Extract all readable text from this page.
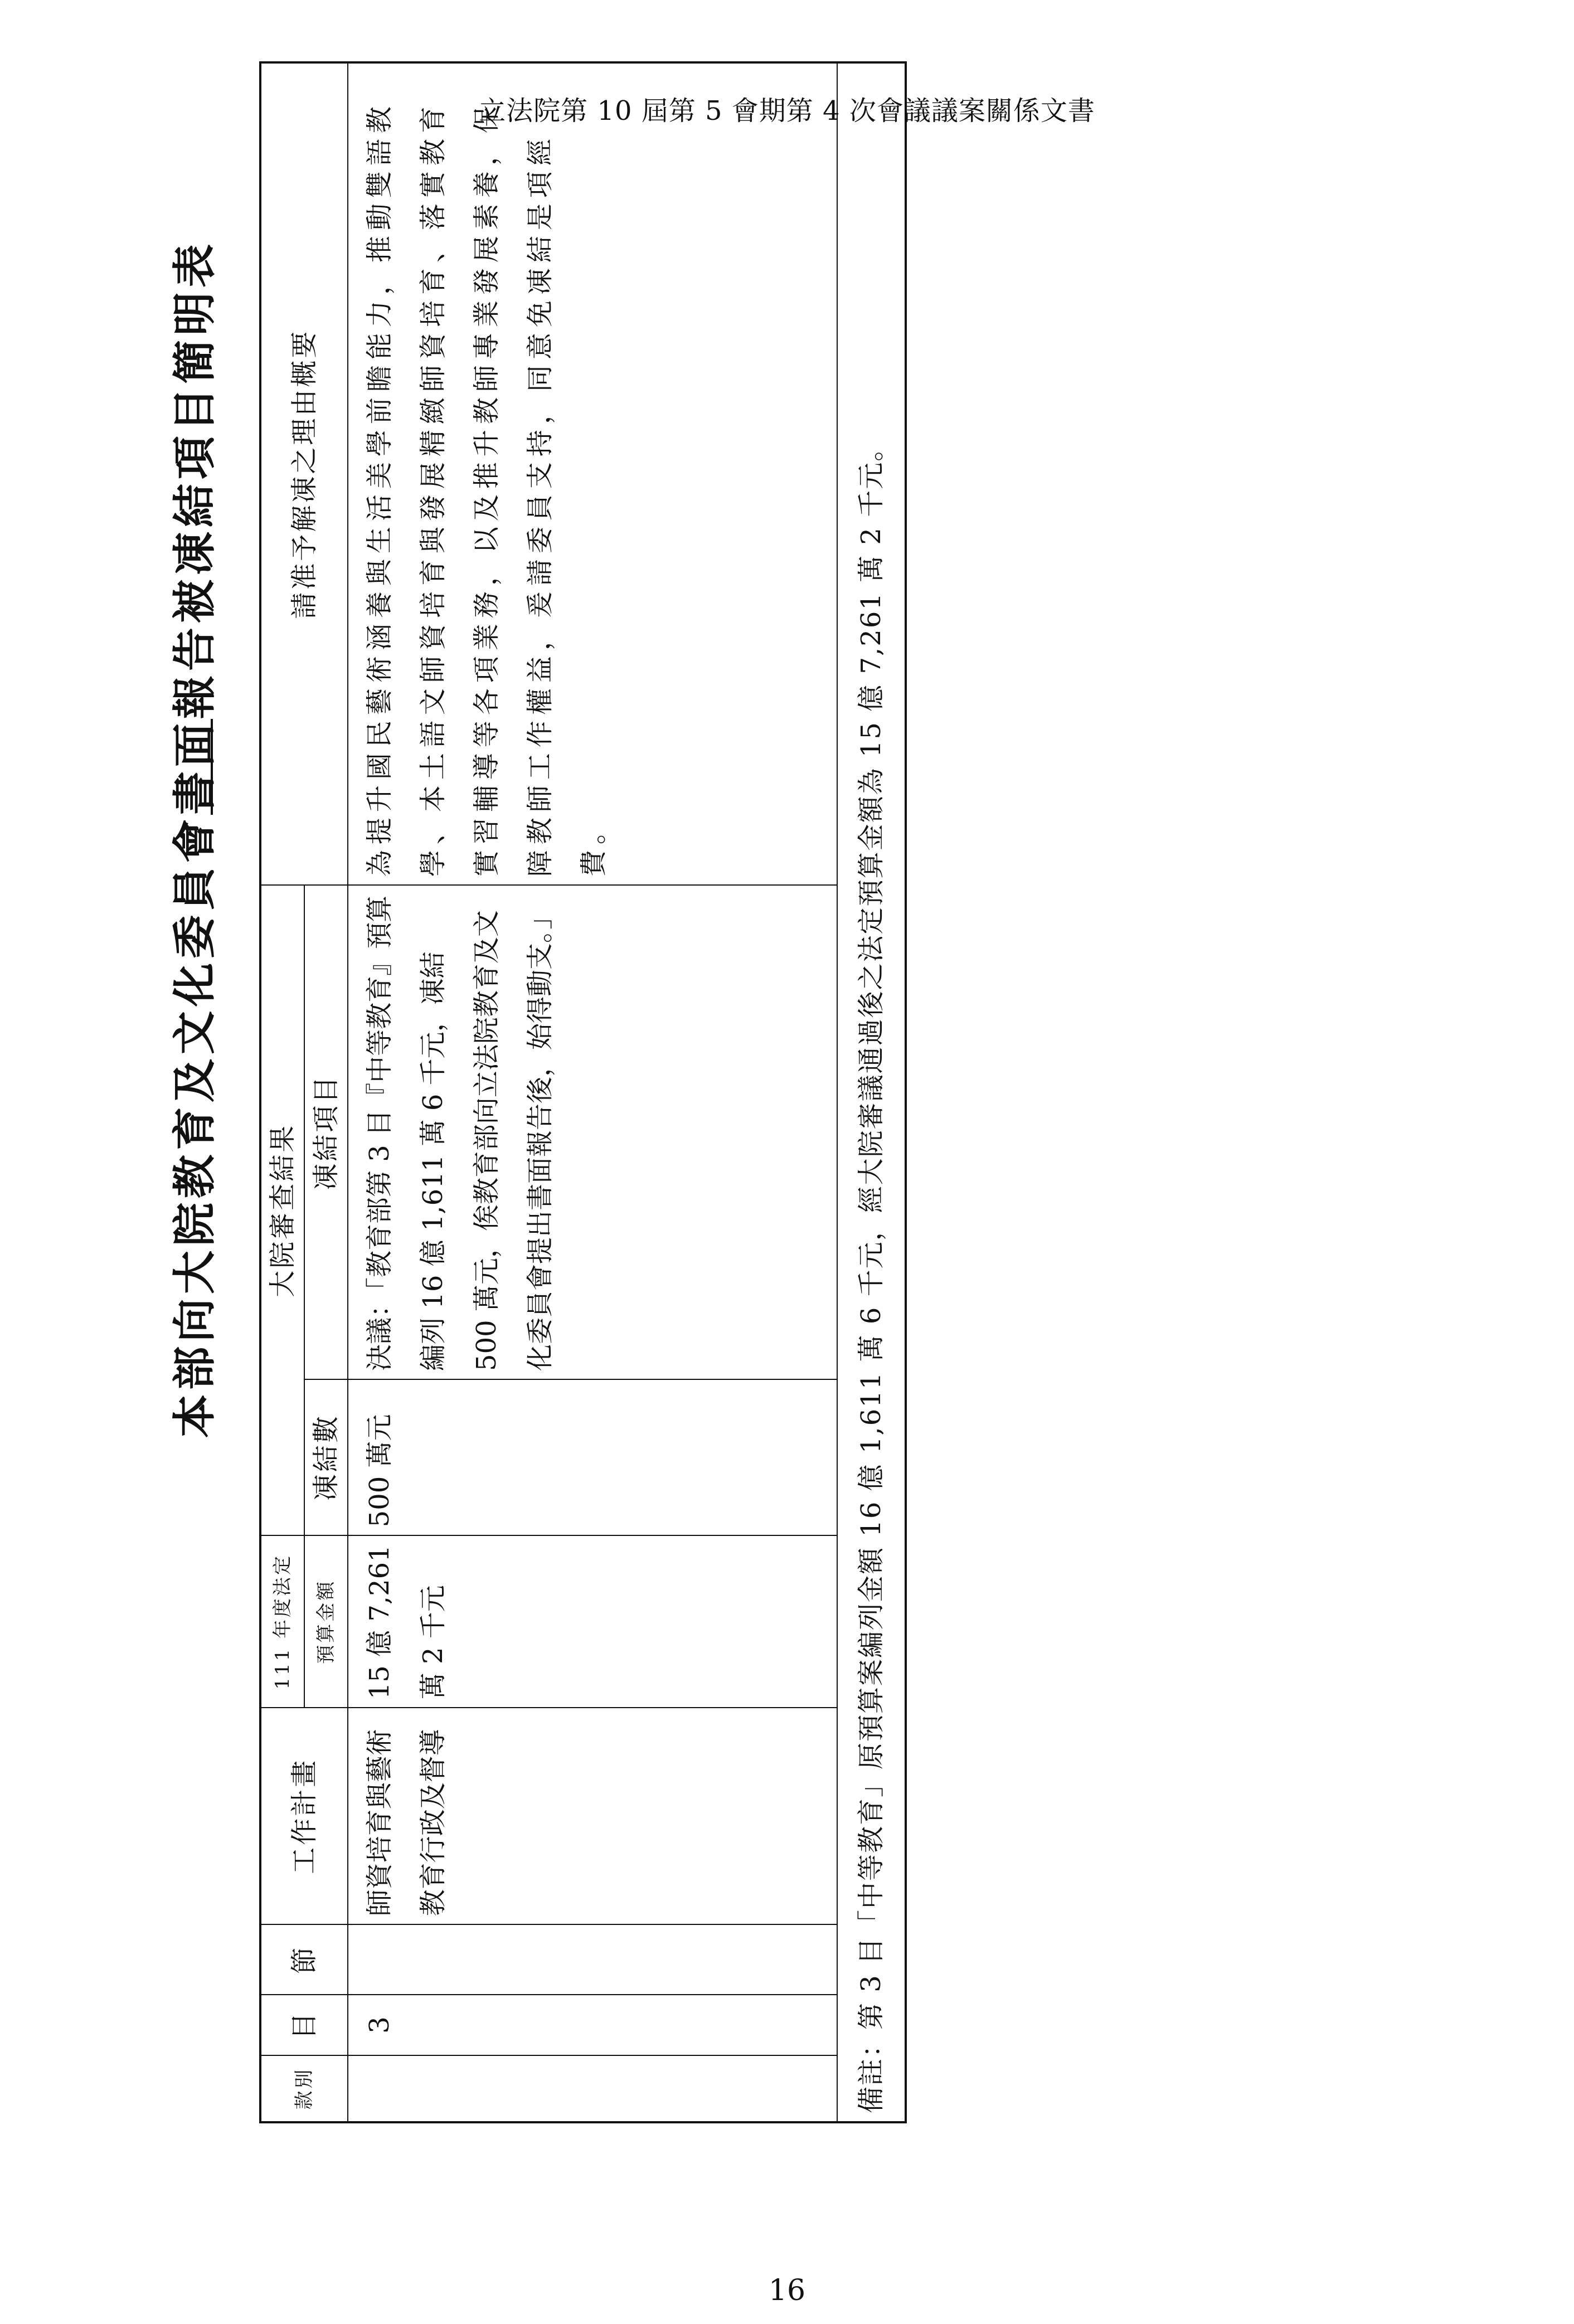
立法院第 10 屆第 5 會期第 4 次會議議案關係文書
本部向大院教育及文化委員會書面報告被凍結項目簡明表
款別	目	節	工作計畫	111 年度法定	大院審查結果		請准予解凍之理由概要
				預算金額	凍結數	凍結項目	
	3		師資培育與藝術教育行政及督導	15 億 7,261 萬 2 千元	500 萬元	決議：「教育部第 3 目『中等教育』預算編列 16 億 1,611 萬 6 千元，凍結 500 萬元，俟教育部向立法院教育及文化委員會提出書面報告後，始得動支。」	為提升國民藝術涵養與生活美學前瞻能力，推動雙語教學、本土語文師資培育與發展精緻師資培育、落實教育實習輔導等各項業務，以及推升教師專業發展素養，保障教師工作權益，爰請委員支持，同意免凍結是項經費。
備註：第 3 目「中等教育」原預算案編列金額 16 億 1,611 萬 6 千元，經大院審議通過後之法定預算金額為 15 億 7,261 萬 2 千元。							
16
